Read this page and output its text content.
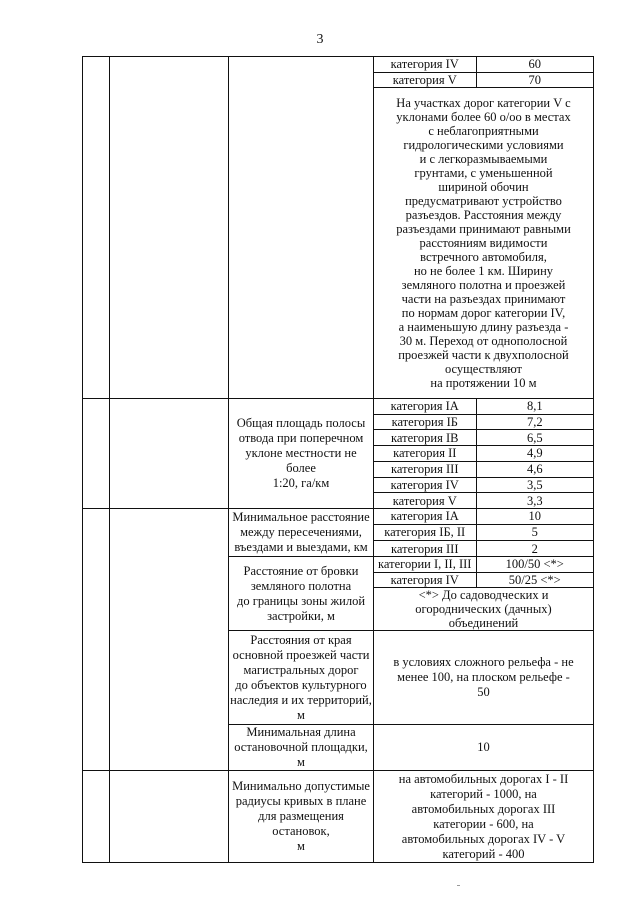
3

категория IV	60
категория V	70
На участках дорог категории V с
уклонами более 60 о/оо в местах
с неблагоприятными
гидрологическими условиями
и с легкоразмываемыми
грунтами, с уменьшенной
шириной обочин
предусматривают устройство
разъездов. Расстояния между
разъездами принимают равными
расстояниям видимости
встречного автомобиля,
но не более 1 км. Ширину
земляного полотна и проезжей
части на разъездах принимают
по нормам дорог категории IV,
а наименьшую длину разъезда -
30 м. Переход от однополосной
проезжей части к двухполосной
осуществляют
на протяжении 10 м

		Общая площадь полосы
отвода при поперечном
уклоне местности не более
1:20, га/км	
категория IА	8,1
категория IБ	7,2
категория IВ	6,5
категория II	4,9
категория III	4,6
категория IV	3,5
категория V	3,3

		Минимальное расстояние
между пересечениями,
въездами и выездами, км	
категория IА	10
категория IБ, II	5
категория III	2

Расстояние от бровки
земляного полотна
до границы зоны жилой
застройки, м	
категории I, II, III	100/50 <*>
категория IV	50/25 <*>
<*> До садоводческих и
огороднических (дачных)
объединений

Расстояния от края
основной проезжей части
магистральных дорог
до объектов культурного
наследия и их территорий,
м	в условиях сложного рельефа - не
менее 100, на плоском рельефе -
50
Минимальная длина
остановочной площадки, м	10
		Минимально допустимые
радиусы кривых в плане
для размещения остановок,
м	на автомобильных дорогах I - II
категорий - 1000, на
автомобильных дорогах III
категории - 600, на
автомобильных дорогах IV - V
категорий - 400
